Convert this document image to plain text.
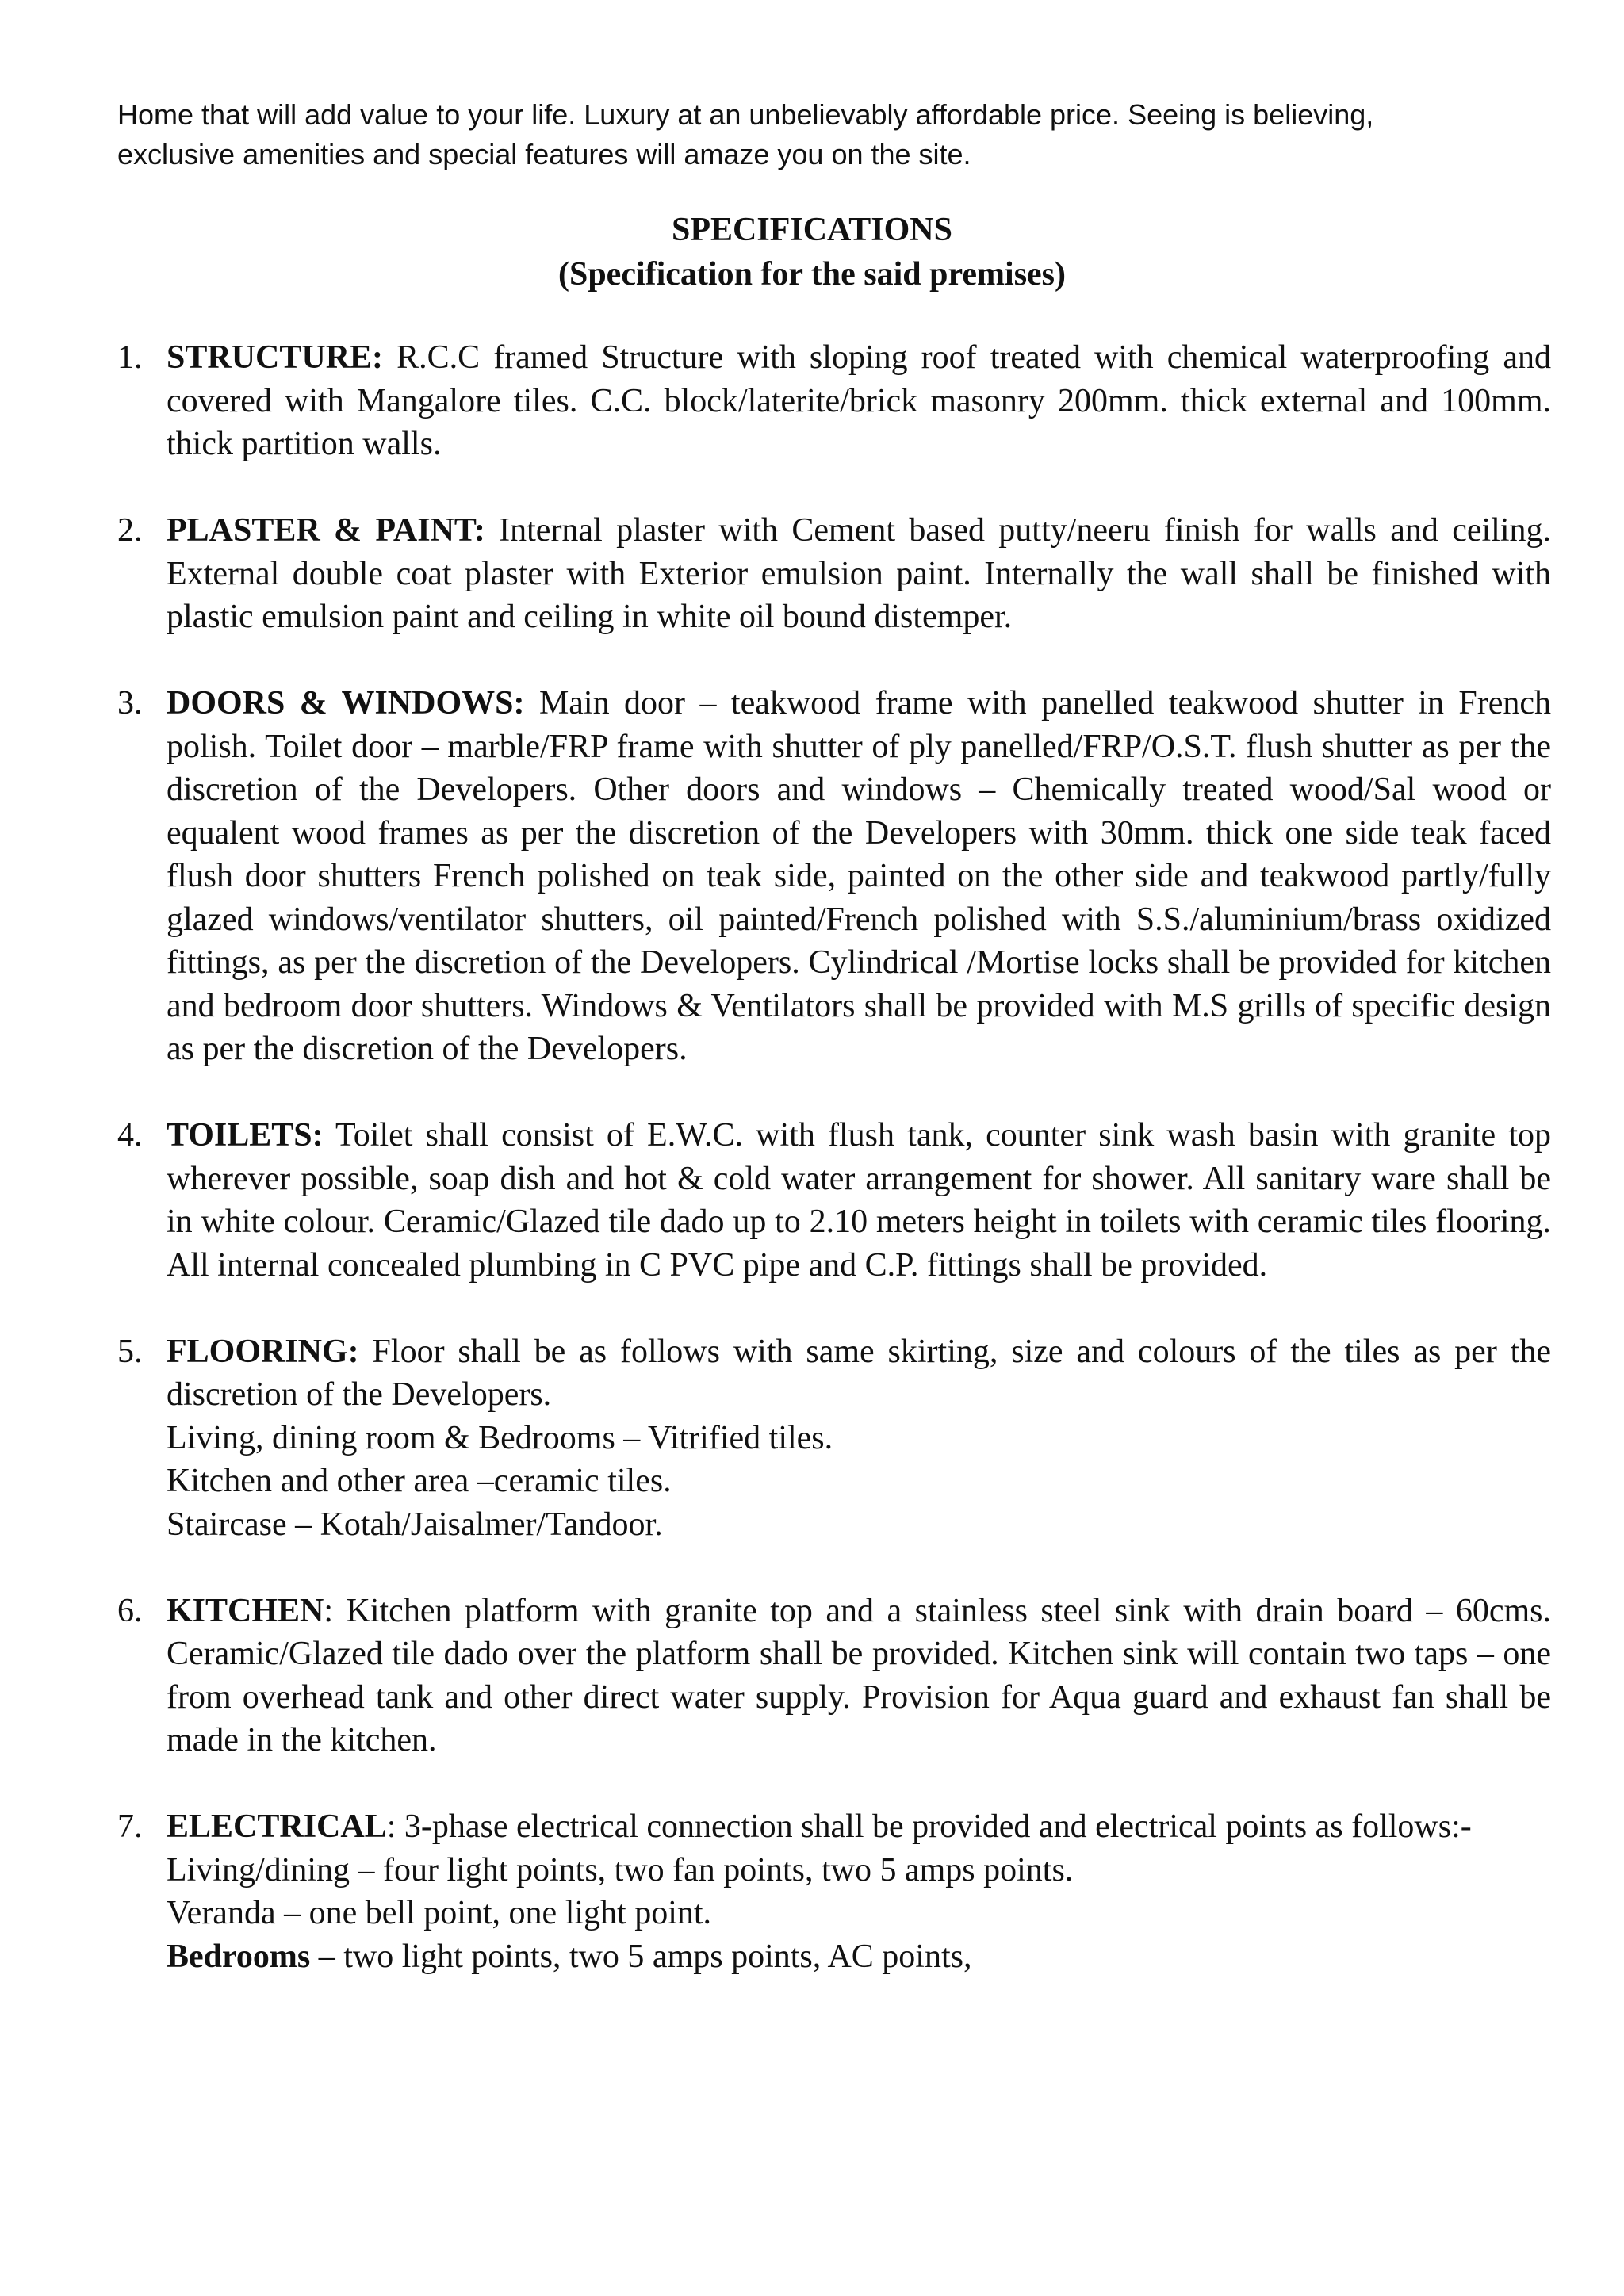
Home that will add value to your life. Luxury at an unbelievably affordable price. Seeing is believing,

exclusive amenities and special features will amaze you on the site.

SPECIFICATIONS
(Specification for the said premises)
1. STRUCTURE: R.C.C framed Structure with sloping roof treated with chemical waterproofing and covered with Mangalore tiles. C.C. block/laterite/brick masonry 200mm. thick external and 100mm. thick partition walls.
2. PLASTER & PAINT: Internal plaster with Cement based putty/neeru finish for walls and ceiling. External double coat plaster with Exterior emulsion paint. Internally the wall shall be finished with plastic emulsion paint and ceiling in white oil bound distemper.
3. DOORS & WINDOWS: Main door – teakwood frame with panelled teakwood shutter in French polish. Toilet door – marble/FRP frame with shutter of ply panelled/FRP/O.S.T. flush shutter as per the discretion of the Developers. Other doors and windows – Chemically treated wood/Sal wood or equalent wood frames as per the discretion of the Developers with 30mm. thick one side teak faced flush door shutters French polished on teak side, painted on the other side and teakwood partly/fully glazed windows/ventilator shutters, oil painted/French polished with S.S./aluminium/brass oxidized fittings, as per the discretion of the Developers. Cylindrical /Mortise locks shall be provided for kitchen and bedroom door shutters. Windows & Ventilators shall be provided with M.S grills of specific design as per the discretion of the Developers.
4. TOILETS: Toilet shall consist of E.W.C. with flush tank, counter sink wash basin with granite top wherever possible, soap dish and hot & cold water arrangement for shower. All sanitary ware shall be in white colour. Ceramic/Glazed tile dado up to 2.10 meters height in toilets with ceramic tiles flooring. All internal concealed plumbing in C PVC pipe and C.P. fittings shall be provided.
5. FLOORING: Floor shall be as follows with same skirting, size and colours of the tiles as per the discretion of the Developers.
Living, dining room & Bedrooms – Vitrified tiles.
Kitchen and other area –ceramic tiles.
Staircase – Kotah/Jaisalmer/Tandoor.
6. KITCHEN: Kitchen platform with granite top and a stainless steel sink with drain board – 60cms. Ceramic/Glazed tile dado over the platform shall be provided. Kitchen sink will contain two taps – one from overhead tank and other direct water supply. Provision for Aqua guard and exhaust fan shall be made in the kitchen.
7. ELECTRICAL: 3-phase electrical connection shall be provided and electrical points as follows:-
Living/dining – four light points, two fan points, two 5 amps points.
Veranda – one bell point, one light point.
Bedrooms – two light points, two 5 amps points, AC points,
